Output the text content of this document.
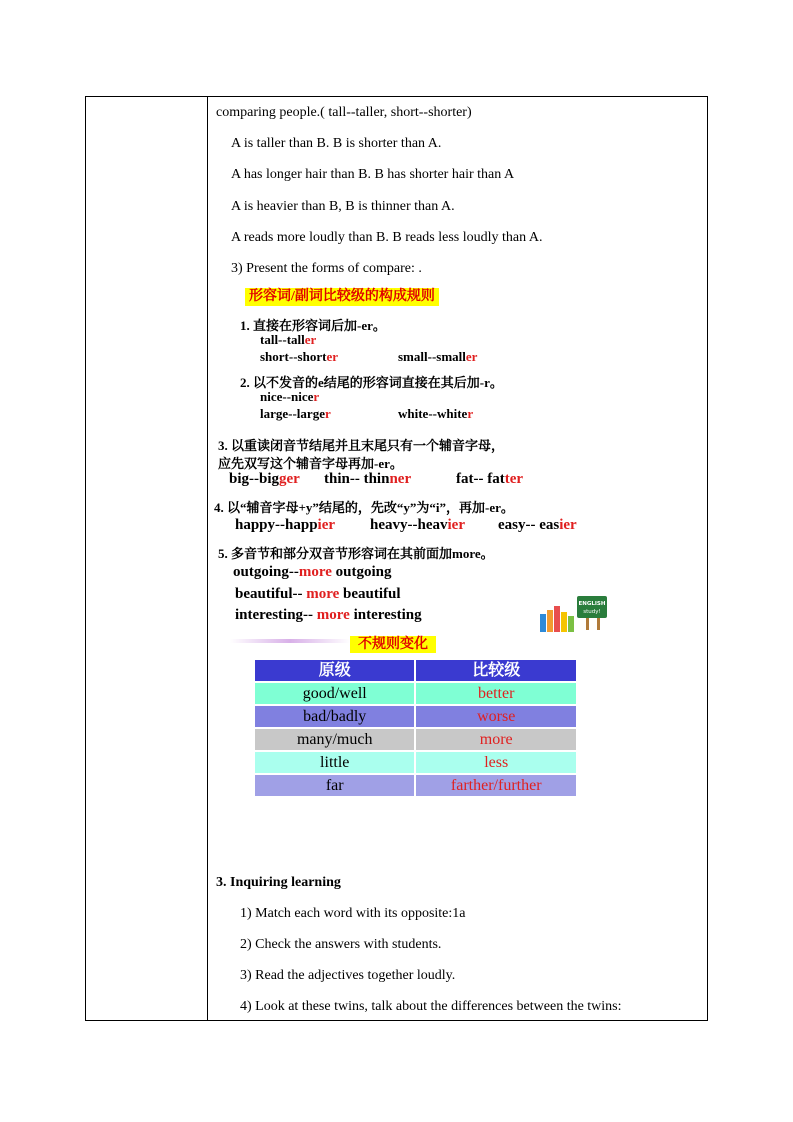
comparing people.( tall--taller, short--shorter)
A is taller than B. B is shorter than A.
A has longer hair than B. B has shorter hair than A
A is heavier than B, B is thinner than A.
A reads more loudly than B. B reads less loudly than A.
3) Present the forms of compare: .
形容词/副词比较级的构成规则
1. 直接在形容词后加-er。
tall--taller
short--shorter	small--smaller
2. 以不发音的e结尾的形容词直接在其后加-r。
nice--nicer
large--larger	white--whiter
3. 以重读闭音节结尾并且末尾只有一个辅音字母，
应先双写这个辅音字母再加-er。
big--bigger thin-- thinner	fat-- fatter
4. 以“辅音字母+y”结尾的，先改“y”为“i”，再加-er。
happy--happier heavy--heavier easy-- easier
5. 多音节和部分双音节形容词在其前面加more。
outgoing--more outgoing
beautiful-- more beautiful
interesting-- more interesting
ENGLISH
study!
不规则变化
原级	比较级
good/well	better
bad/badly	worse
many/much	more
little	less
far	farther/further
3. Inquiring learning
1) Match each word with its opposite:1a
2) Check the answers with students.
3) Read the adjectives together loudly.
4) Look at these twins, talk about the differences between the twins:
